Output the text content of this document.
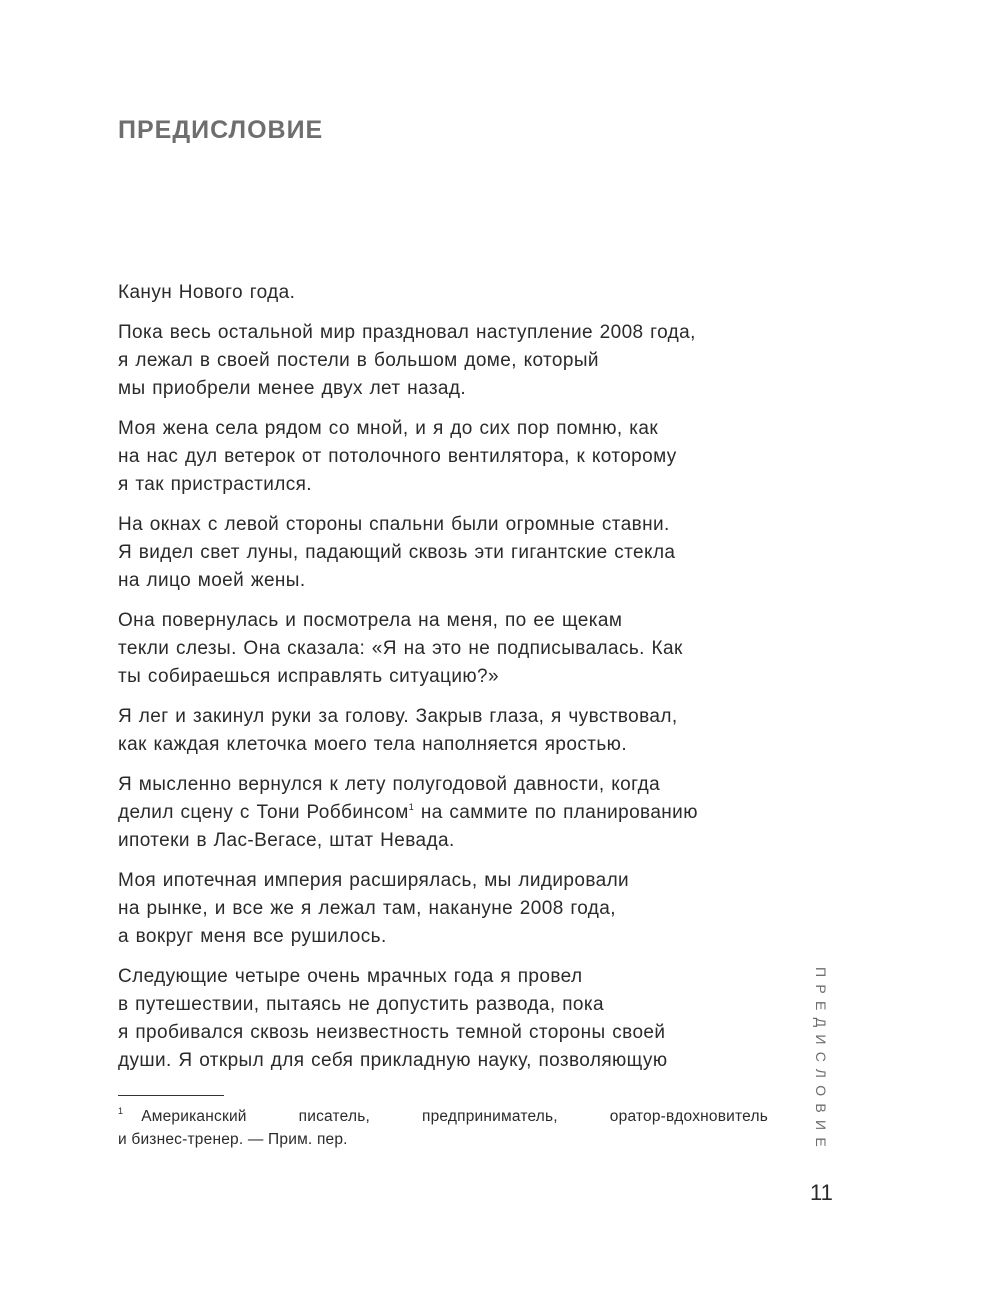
ПРЕДИСЛОВИЕ

Канун Нового года.

Пока весь остальной мир праздновал наступление 2008 года,
я лежал в своей постели в большом доме, который
мы приобрели менее двух лет назад.

Моя жена села рядом со мной, и я до сих пор помню, как
на нас дул ветерок от потолочного вентилятора, к которому
я так пристрастился.

На окнах с левой стороны спальни были огромные ставни.
Я видел свет луны, падающий сквозь эти гигантские стекла
на лицо моей жены.

Она повернулась и посмотрела на меня, по ее щекам
текли слезы. Она сказала: «Я на это не подписывалась. Как
ты собираешься исправлять ситуацию?»

Я лег и закинул руки за голову. Закрыв глаза, я чувствовал,
как каждая клеточка моего тела наполняется яростью.

Я мысленно вернулся к лету полугодовой давности, когда
делил сцену с Тони Роббинсом$^1$ на саммите по планированию
ипотеки в Лас-Вегасе, штат Невада.

Моя ипотечная империя расширялась, мы лидировали
на рынке, и все же я лежал там, накануне 2008 года,
а вокруг меня все рушилось.

Следующие четыре очень мрачных года я провел
в путешествии, пытаясь не допустить развода, пока
я пробивался сквозь неизвестность темной стороны своей
души. Я открыл для себя прикладную науку, позволяющую

$^1$ Американский	писатель,	предприниматель,	оратор-вдохновитель
и бизнес-тренер. — Прим. пер.	ПРЕДИСЛОВИЕ
11
